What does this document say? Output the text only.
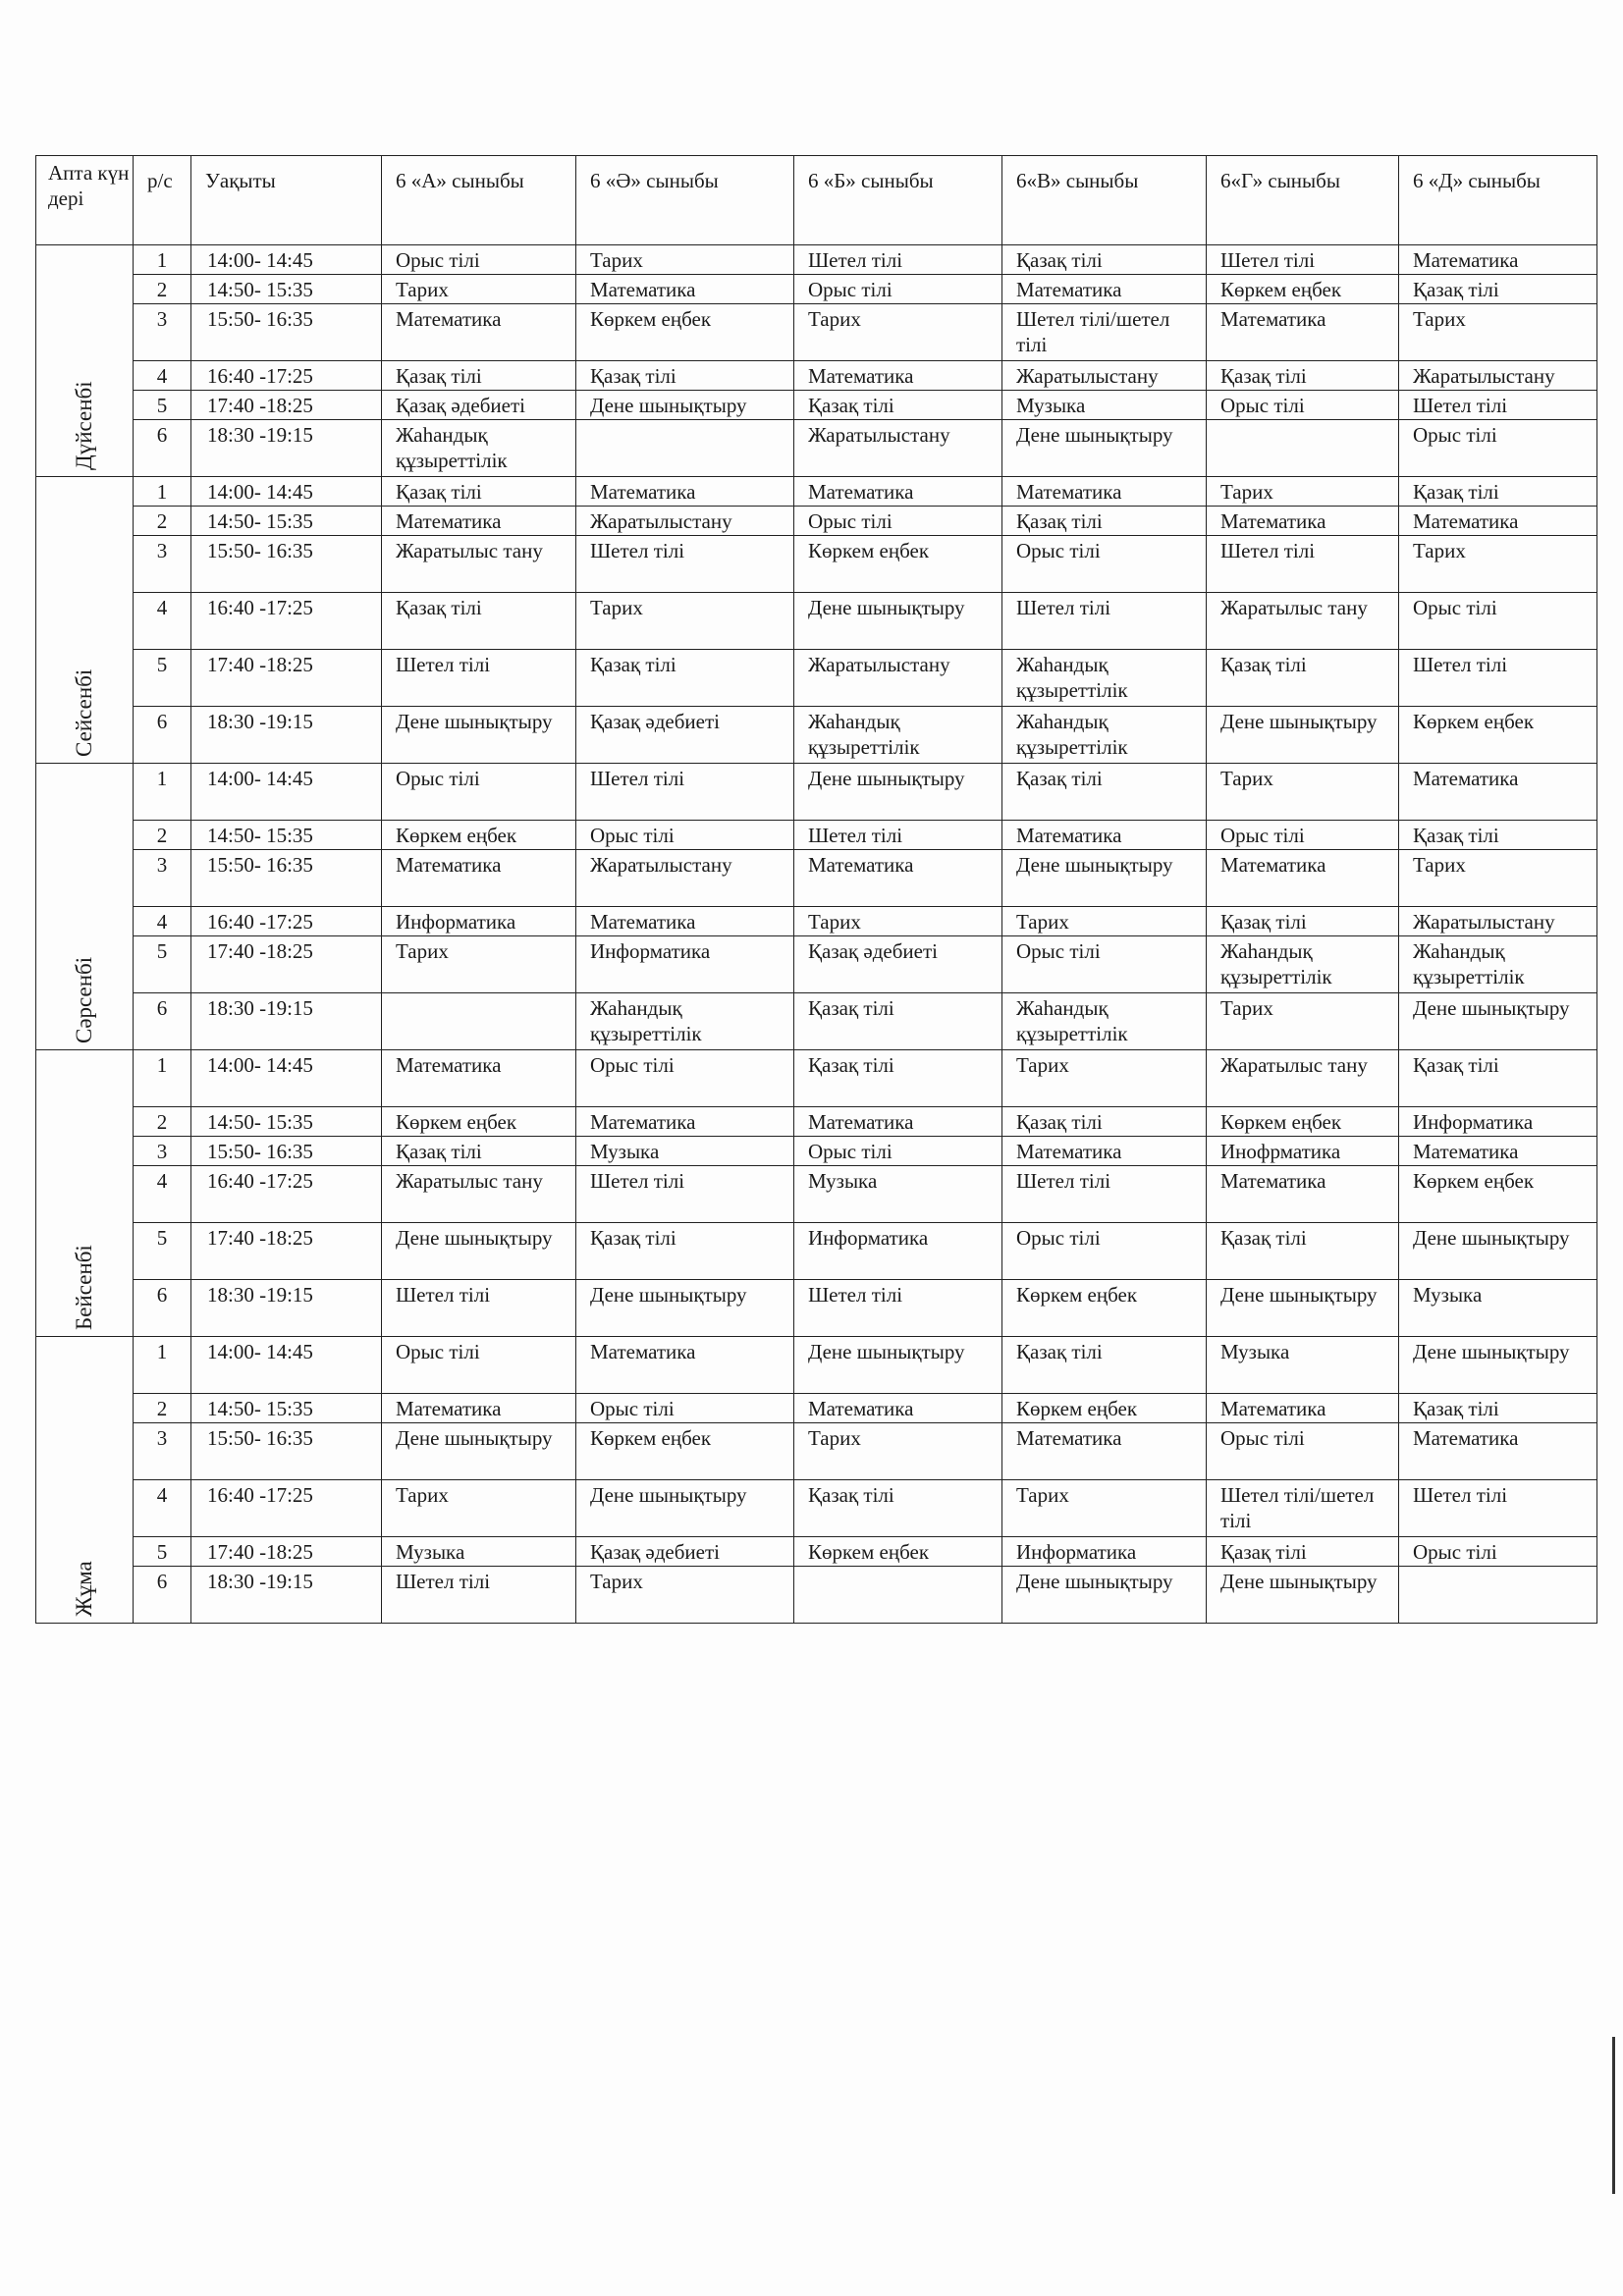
Апта күн дері	р/с	Уақыты	6 «А» сыныбы	6 «Ә» сыныбы	6 «Б» сыныбы	6«В» сыныбы	6«Г» сыныбы	6 «Д» сыныбы

Дүйсенбі	1	14:00- 14:45	Орыс тілі	Тарих	Шетел тілі	Қазақ тілі	Шетел тілі	Математика
	2	14:50- 15:35	Тарих	Математика	Орыс тілі	Математика	Көркем еңбек	Қазақ тілі
	3	15:50- 16:35	Математика	Көркем еңбек	Тарих	Шетел тілі/шетел тілі	Математика	Тарих
	4	16:40 -17:25	Қазақ тілі	Қазақ тілі	Математика	Жаратылыстану	Қазақ тілі	Жаратылыстану
	5	17:40 -18:25	Қазақ әдебиеті	Дене шынықтыру	Қазақ тілі	Музыка	Орыс тілі	Шетел тілі
	6	18:30 -19:15	Жаһандық құзыреттілік		Жаратылыстану	Дене шынықтыру		Орыс тілі

Сейсенбі	1	14:00- 14:45	Қазақ тілі	Математика	Математика	Математика	Тарих	Қазақ тілі
	2	14:50- 15:35	Математика	Жаратылыстану	Орыс тілі	Қазақ тілі	Математика	Математика
	3	15:50- 16:35	Жаратылыс тану	Шетел тілі	Көркем еңбек	Орыс тілі	Шетел тілі	Тарих
	4	16:40 -17:25	Қазақ тілі	Тарих	Дене шынықтыру	Шетел тілі	Жаратылыс тану	Орыс тілі
	5	17:40 -18:25	Шетел тілі	Қазақ тілі	Жаратылыстану	Жаһандық құзыреттілік	Қазақ тілі	Шетел тілі
	6	18:30 -19:15	Дене шынықтыру	Қазақ әдебиеті	Жаһандық құзыреттілік	Жаһандық құзыреттілік	Дене шынықтыру	Көркем еңбек

Сәрсенбі	1	14:00- 14:45	Орыс тілі	Шетел тілі	Дене шынықтыру	Қазақ тілі	Тарих	Математика
	2	14:50- 15:35	Көркем еңбек	Орыс тілі	Шетел тілі	Математика	Орыс тілі	Қазақ тілі
	3	15:50- 16:35	Математика	Жаратылыстану	Математика	Дене шынықтыру	Математика	Тарих
	4	16:40 -17:25	Информатика	Математика	Тарих	Тарих	Қазақ тілі	Жаратылыстану
	5	17:40 -18:25	Тарих	Информатика	Қазақ әдебиеті	Орыс тілі	Жаһандық құзыреттілік	Жаһандық құзыреттілік
	6	18:30 -19:15		Жаһандық құзыреттілік	Қазақ тілі	Жаһандық құзыреттілік	Тарих	Дене шынықтыру

Бейсенбі	1	14:00- 14:45	Математика	Орыс тілі	Қазақ тілі	Тарих	Жаратылыс тану	Қазақ тілі
	2	14:50- 15:35	Көркем еңбек	Математика	Математика	Қазақ тілі	Көркем еңбек	Информатика
	3	15:50- 16:35	Қазақ тілі	Музыка	Орыс тілі	Математика	Инофрматика	Математика
	4	16:40 -17:25	Жаратылыс тану	Шетел тілі	Музыка	Шетел тілі	Математика	Көркем еңбек
	5	17:40 -18:25	Дене шынықтыру	Қазақ тілі	Информатика	Орыс тілі	Қазақ тілі	Дене шынықтыру
	6	18:30 -19:15	Шетел тілі	Дене шынықтыру	Шетел тілі	Көркем еңбек	Дене шынықтыру	Музыка

Жұма	1	14:00- 14:45	Орыс тілі	Математика	Дене шынықтыру	Қазақ тілі	Музыка	Дене шынықтыру
	2	14:50- 15:35	Математика	Орыс тілі	Математика	Көркем еңбек	Математика	Қазақ тілі
	3	15:50- 16:35	Дене шынықтыру	Көркем еңбек	Тарих	Математика	Орыс тілі	Математика
	4	16:40 -17:25	Тарих	Дене шынықтыру	Қазақ тілі	Тарих	Шетел тілі/шетел тілі	Шетел тілі
	5	17:40 -18:25	Музыка	Қазақ әдебиеті	Көркем еңбек	Информатика	Қазақ тілі	Орыс тілі
	6	18:30 -19:15	Шетел тілі	Тарих		Дене шынықтыру	Дене шынықтыру	
